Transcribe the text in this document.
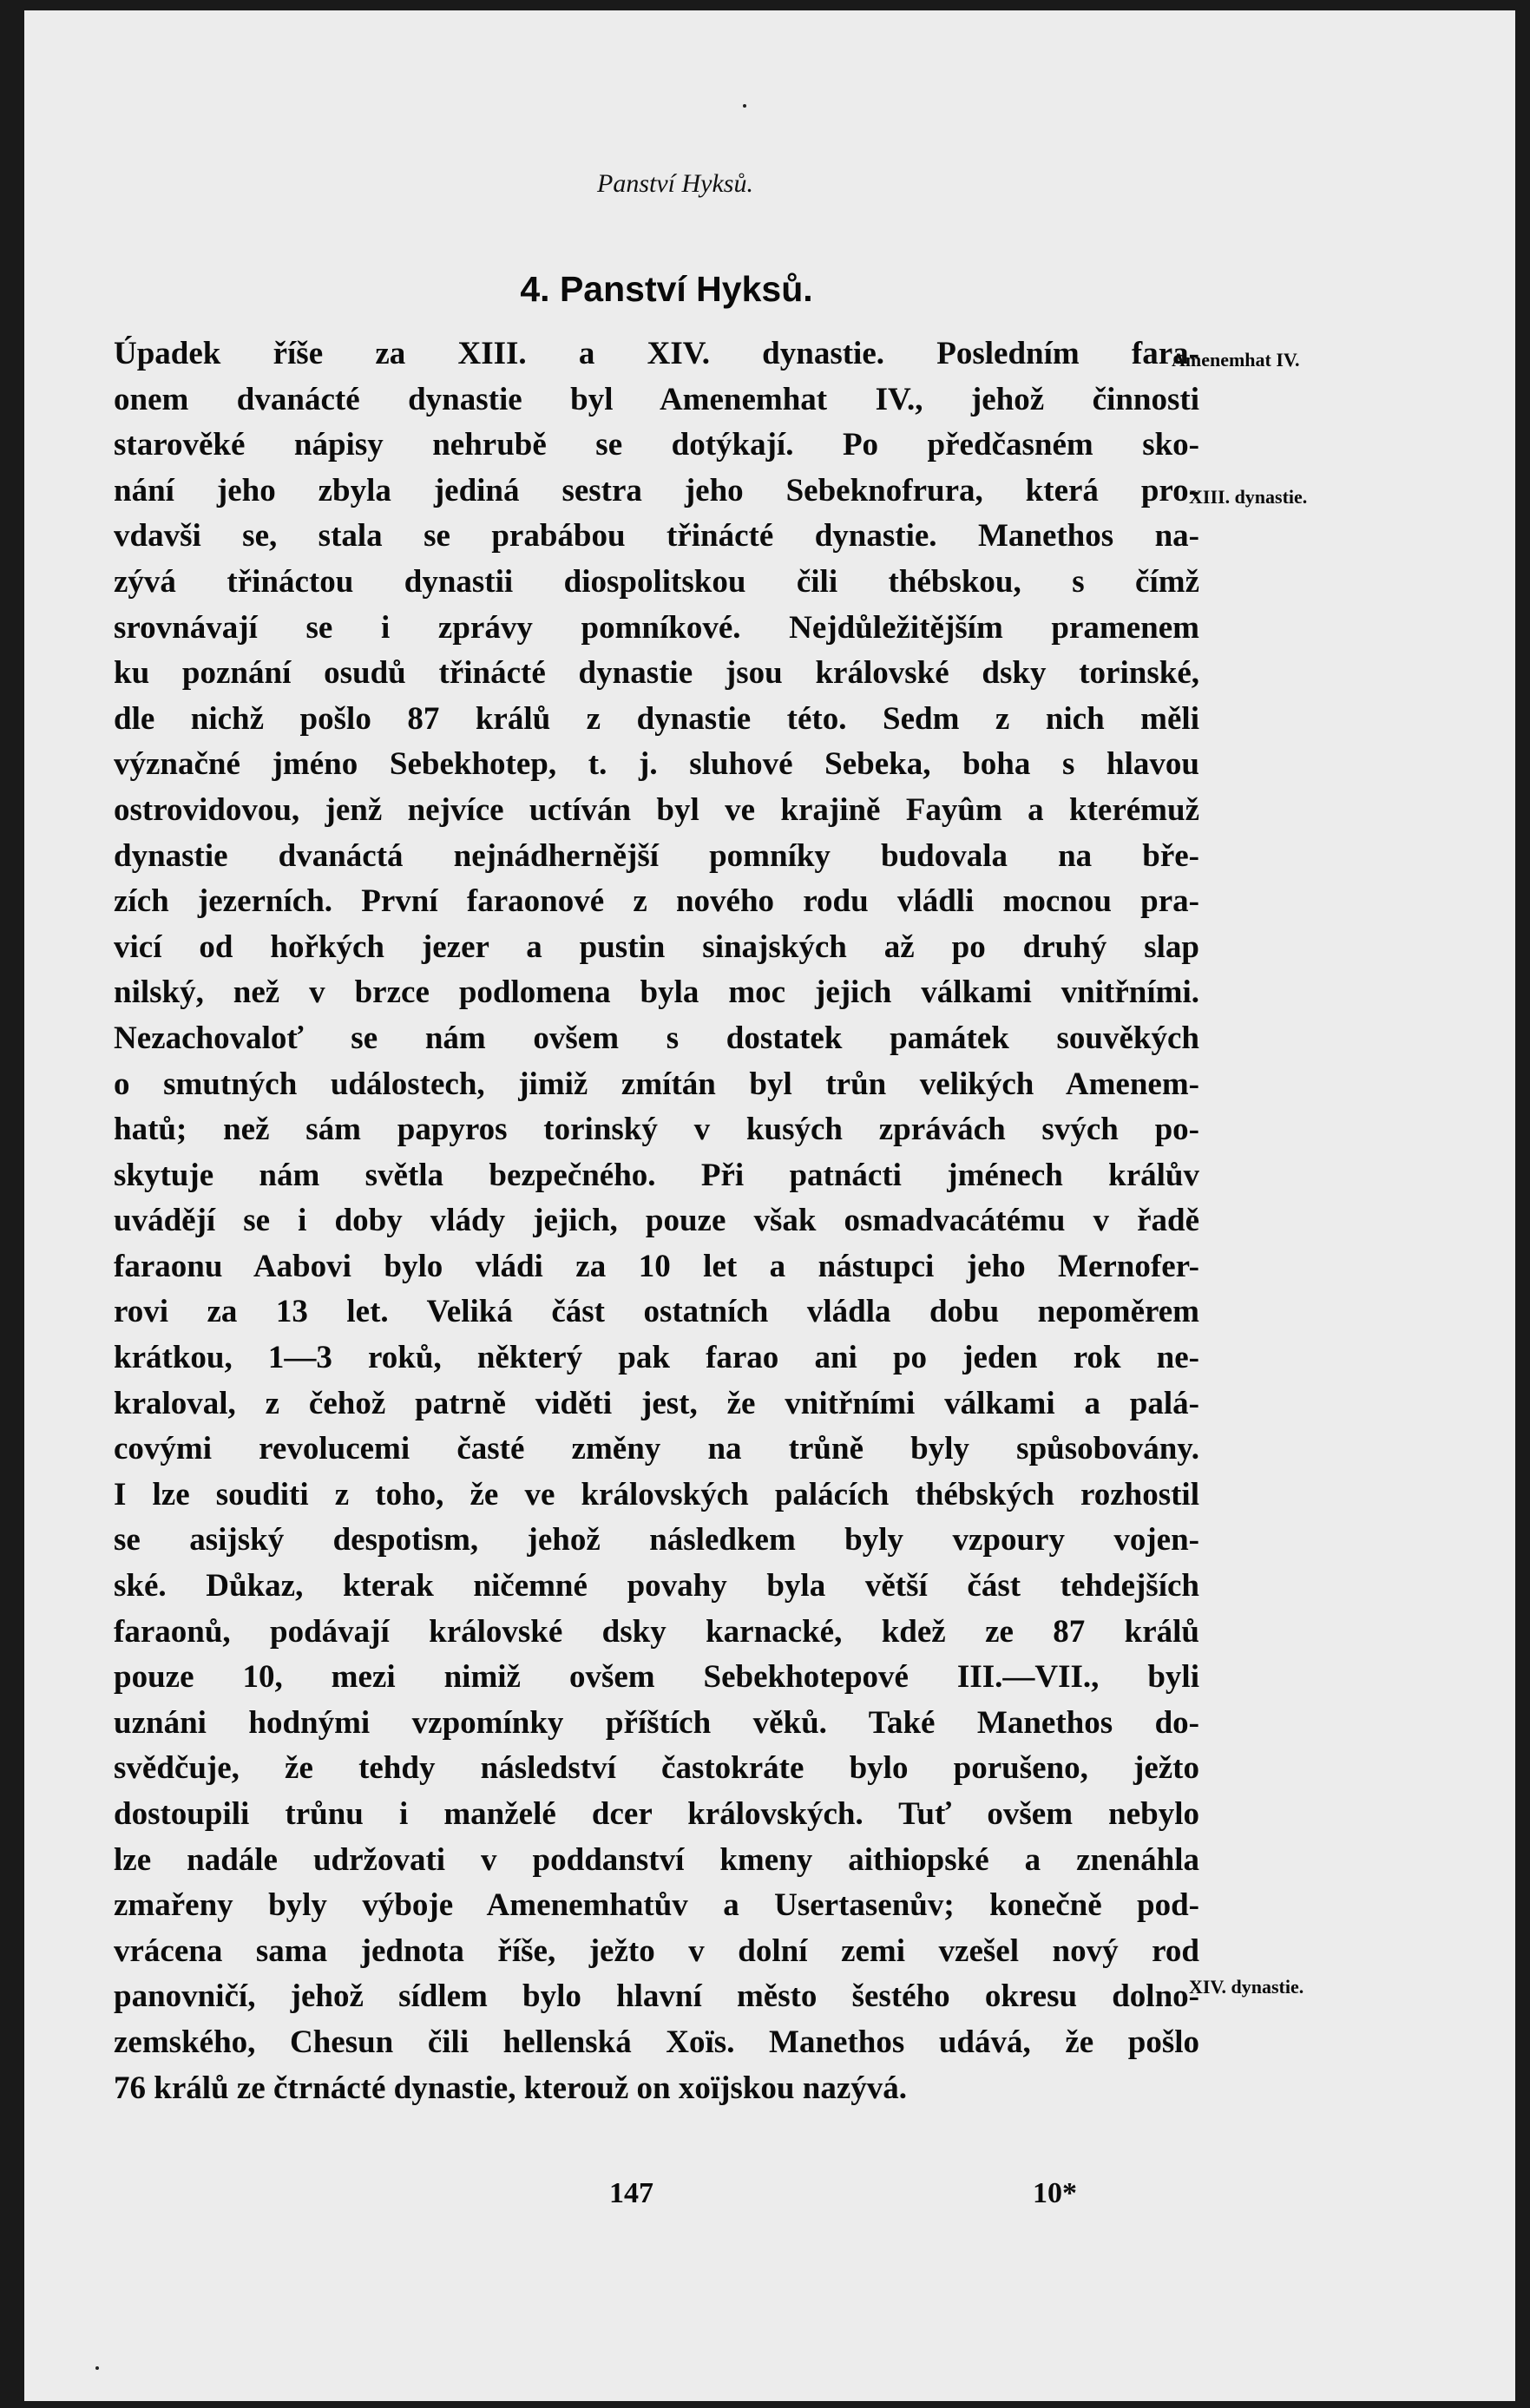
Panství Hyksů.
4. Panství Hyksů.
Úpadek říše za XIII. a XIV. dynastie. Posledním fara-
onem dvanácté dynastie byl Amenemhat IV., jehož činnosti
starověké nápisy nehrubě se dotýkají. Po předčasném sko-
nání jeho zbyla jediná sestra jeho Sebeknofrura, která pro-
vdavši se, stala se prabábou třinácté dynastie. Manethos na-
zývá třináctou dynastii diospolitskou čili thébskou, s čímž
srovnávají se i zprávy pomníkové. Nejdůležitějším pramenem
ku poznání osudů třinácté dynastie jsou královské dsky torinské,
dle nichž pošlo 87 králů z dynastie této. Sedm z nich měli
význačné jméno Sebekhotep, t. j. sluhové Sebeka, boha s hlavou
ostrovidovou, jenž nejvíce uctíván byl ve krajině Fayûm a kterémuž
dynastie dvanáctá nejnádhernější pomníky budovala na bře-
zích jezerních. První faraonové z nového rodu vládli mocnou pra-
vicí od hořkých jezer a pustin sinajských až po druhý slap
nilský, než v brzce podlomena byla moc jejich válkami vnitřními.
Nezachovaloť se nám ovšem s dostatek památek souvěkých
o smutných událostech, jimiž zmítán byl trůn velikých Amenem-
hatů; než sám papyros torinský v kusých zprávách svých po-
skytuje nám světla bezpečného. Při patnácti jménech králův
uvádějí se i doby vlády jejich, pouze však osmadvacátému v řadě
faraonu Aabovi bylo vládi za 10 let a nástupci jeho Mernofer-
rovi za 13 let. Veliká část ostatních vládla dobu nepoměrem
krátkou, 1—3 roků, některý pak farao ani po jeden rok ne-
kraloval, z čehož patrně viděti jest, že vnitřními válkami a palá-
covými revolucemi časté změny na trůně byly spůsobovány.
I lze souditi z toho, že ve královských palácích thébských rozhostil
se asijský despotism, jehož následkem byly vzpoury vojen-
ské. Důkaz, kterak ničemné povahy byla větší část tehdejších
faraonů, podávají královské dsky karnacké, kdež ze 87 králů
pouze 10, mezi nimiž ovšem Sebekhotepové III.—VII., byli
uznáni hodnými vzpomínky příštích věků. Také Manethos do-
svědčuje, že tehdy následství častokráte bylo porušeno, ježto
dostoupili trůnu i manželé dcer královských. Tuť ovšem nebylo
lze nadále udržovati v poddanství kmeny aithiopské a znenáhla
zmařeny byly výboje Amenemhatův a Usertasenův; konečně pod-
vrácena sama jednota říše, ježto v dolní zemi vzešel nový rod
panovničí, jehož sídlem bylo hlavní město šestého okresu dolno-
zemského, Chesun čili hellenská Xoïs. Manethos udává, že pošlo
76 králů ze čtrnácté dynastie, kterouž on xoïjskou nazývá.
Amenemhat IV.
XIII. dynastie.
XIV. dynastie.
147	10*
